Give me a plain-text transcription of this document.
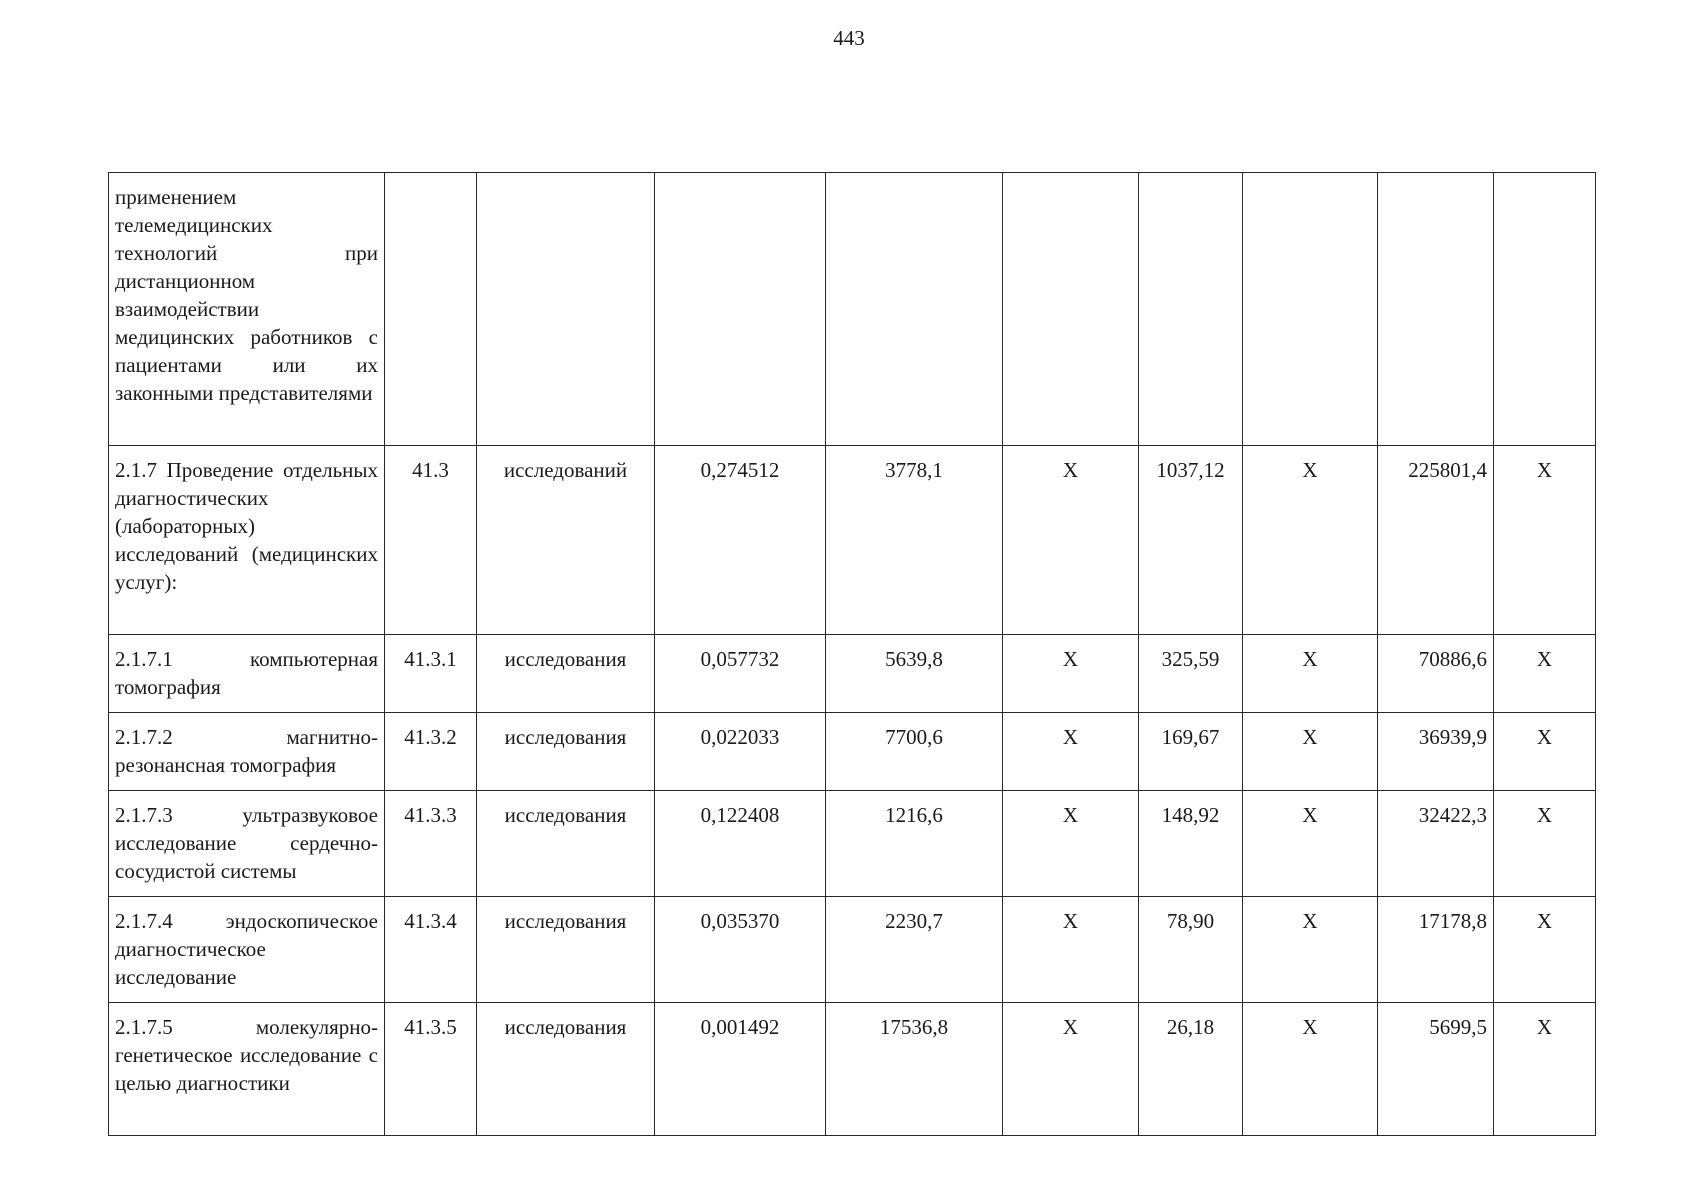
443
применением телемедицинских технологий при дистанционном взаимодействии медицинских работников с пациентами или их законными представителями									
2.1.7 Проведение отдельных диагностических (лабораторных) исследований (медицинских услуг):	41.3	исследований	0,274512	3778,1	X	1037,12	X	225801,4	X
2.1.7.1 компьютерная томография	41.3.1	исследования	0,057732	5639,8	X	325,59	X	70886,6	X
2.1.7.2 магнитно-резонансная томография	41.3.2	исследования	0,022033	7700,6	X	169,67	X	36939,9	X
2.1.7.3 ультразвуковое исследование сердечно-сосудистой системы	41.3.3	исследования	0,122408	1216,6	X	148,92	X	32422,3	X
2.1.7.4 эндоскопическое диагностическое исследование	41.3.4	исследования	0,035370	2230,7	X	78,90	X	17178,8	X
2.1.7.5 молекулярно-генетическое исследование с целью диагностики	41.3.5	исследования	0,001492	17536,8	X	26,18	X	5699,5	X
